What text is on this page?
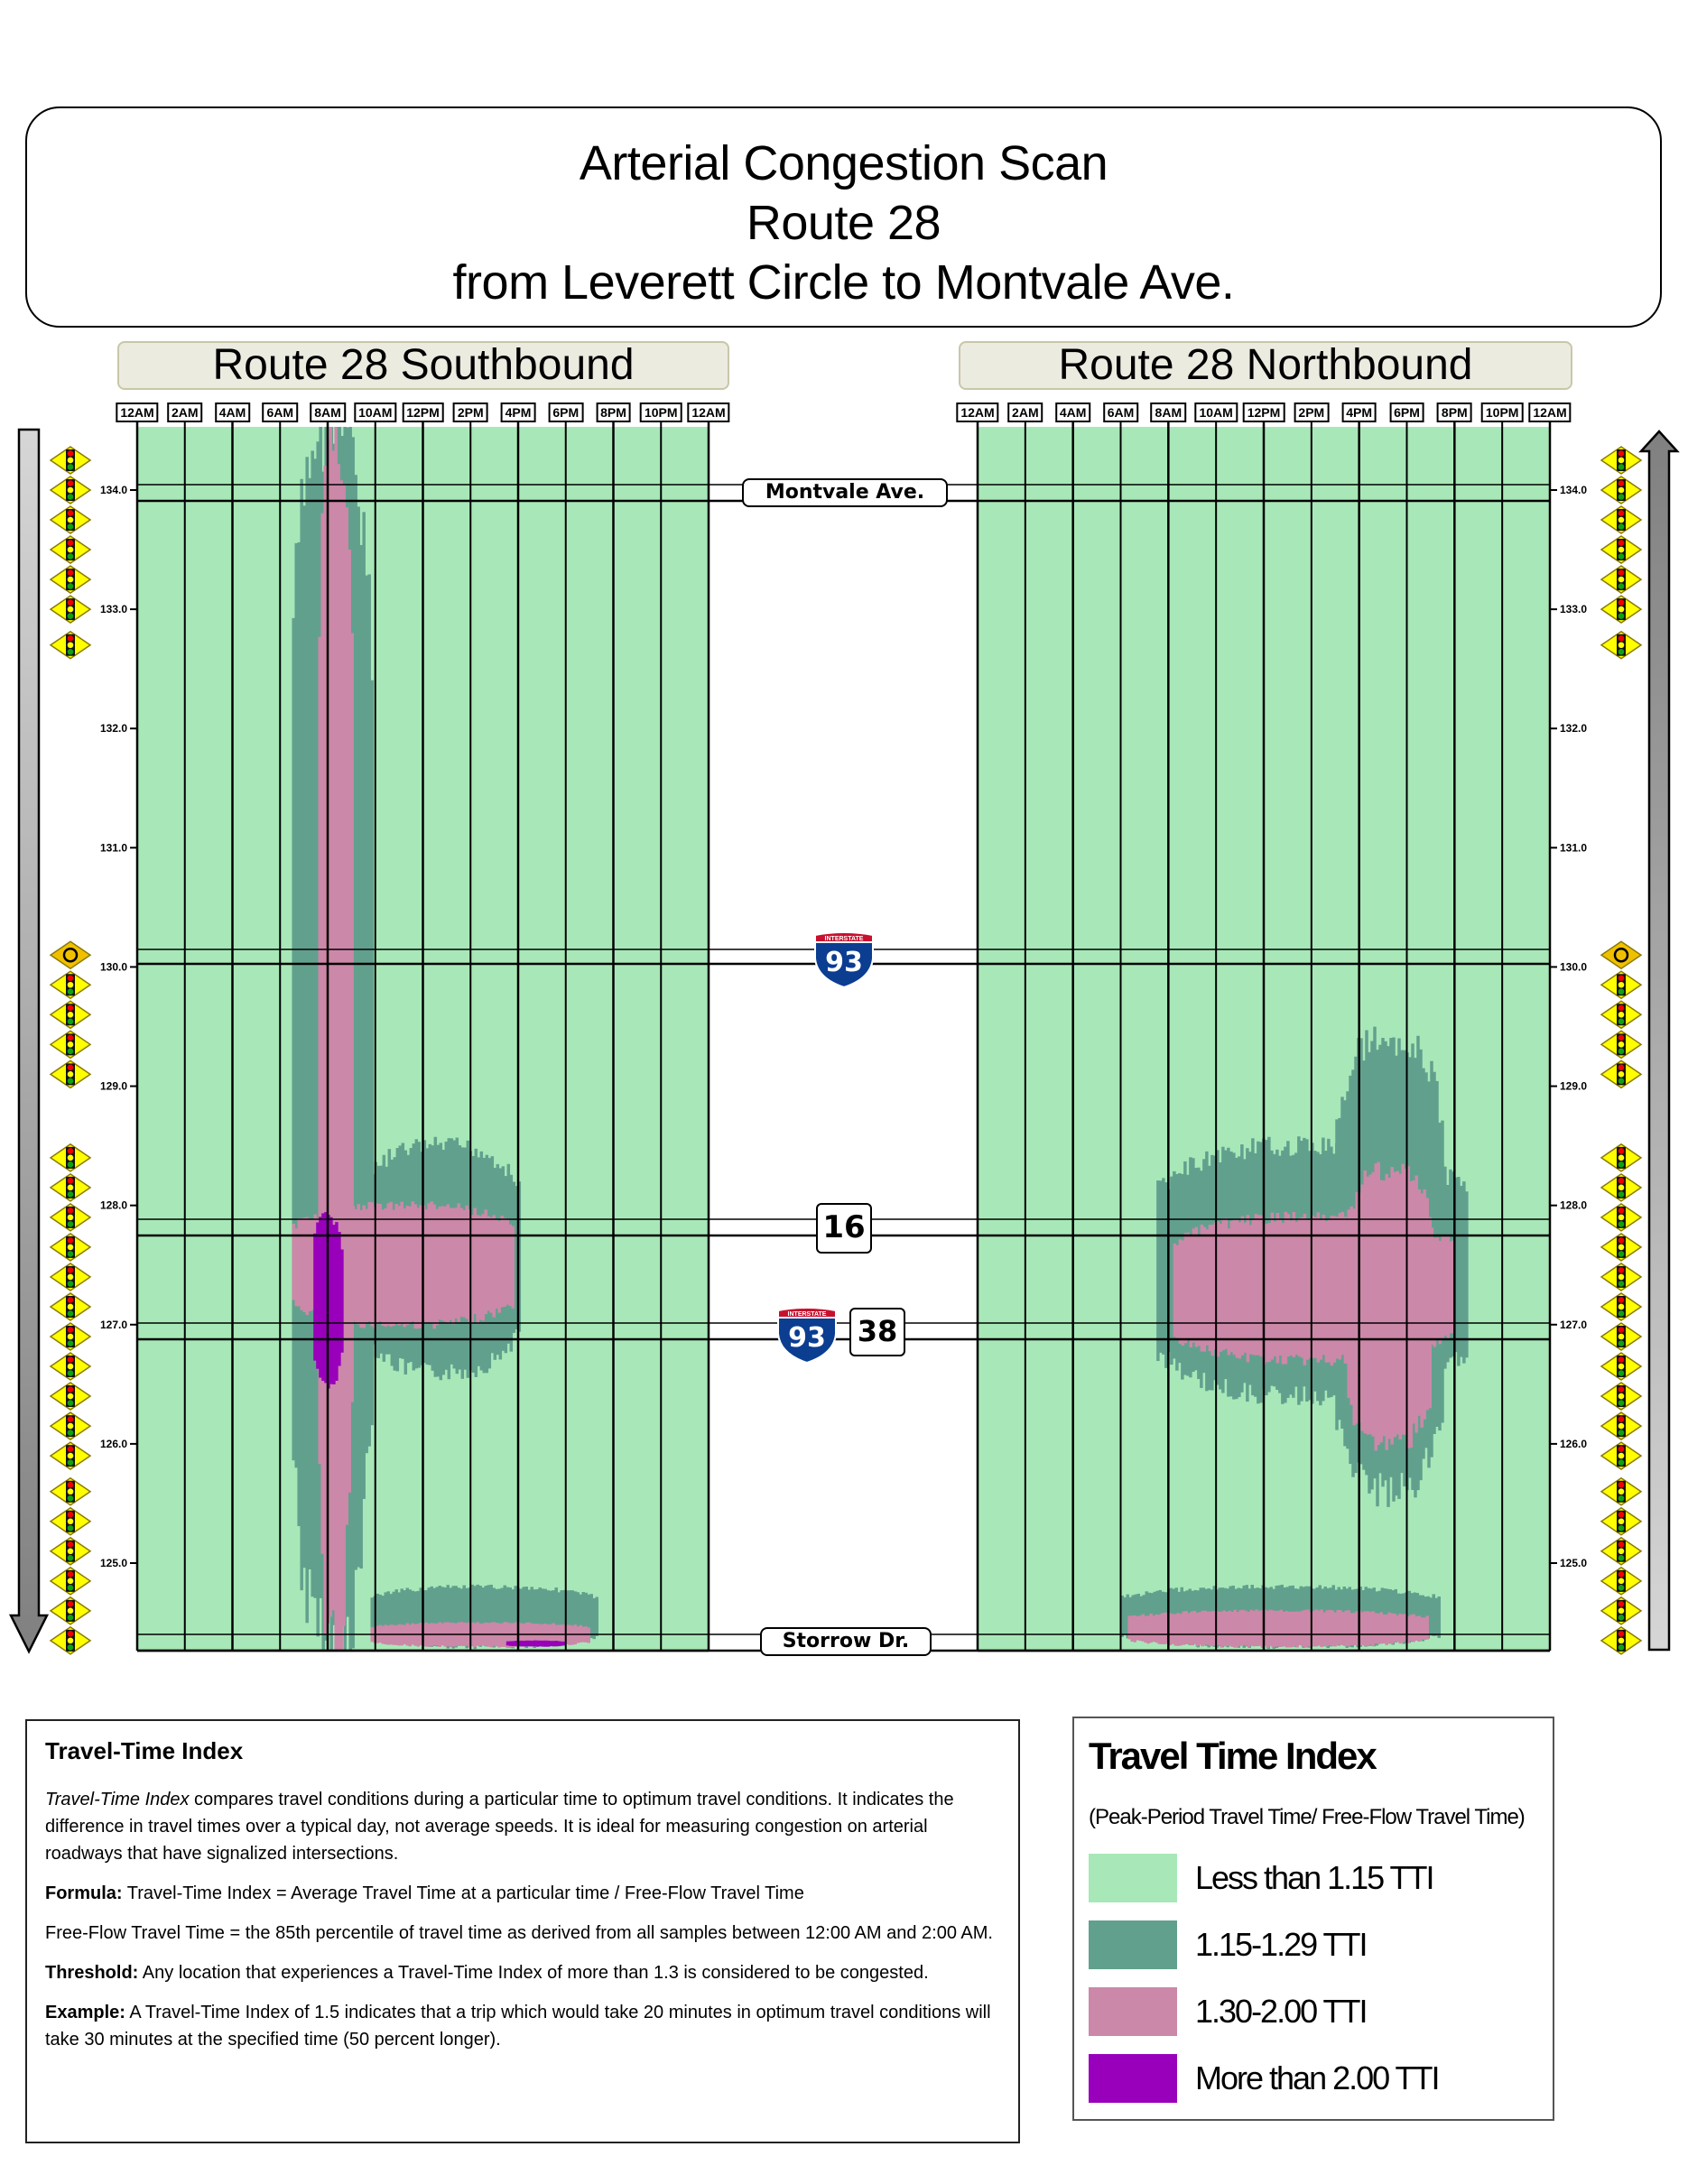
Arterial Congestion Scan
Route 28
from Leverett Circle to Montvale Ave.
Route 28 Southbound	Route 28 Northbound
12AM	2AM	4AM	6AM	8AM	10AM	12PM	2PM	4PM	6PM	8PM	10PM	12AM	12AM	2AM	4AM	6AM	8AM	10AM	12PM	2PM	4PM	6PM	8PM	10PM	12AM
134.0
133.0
132.0
131.0
130.0
129.0
128.0
127.0
126.0
125.0
134.0
133.0
132.0
131.0
130.0
129.0
128.0
127.0
126.0
125.0
Montvale Ave.
INTERSTATE
93
16
INTERSTATE
93 38
Storrow Dr.
Travel-Time Index

Travel-Time Index compares travel conditions during a particular time to optimum travel conditions. It indicates the difference in travel times over a typical day, not average speeds. It is ideal for measuring congestion on arterial roadways that have signalized intersections.

Formula: Travel-Time Index = Average Travel Time at a particular time / Free-Flow Travel Time

Free-Flow Travel Time = the 85th percentile of travel time as derived from all samples between 12:00 AM and 2:00 AM.

Threshold: Any location that experiences a Travel-Time Index of more than 1.3 is considered to be congested.

Example: A Travel-Time Index of 1.5 indicates that a trip which would take 20 minutes in optimum travel conditions will take 30 minutes at the specified time (50 percent longer).

Travel Time Index
(Peak-Period Travel Time/ Free-Flow Travel Time)
Less than 1.15 TTI
1.15-1.29 TTI
1.30-2.00 TTI
More than 2.00 TTI
